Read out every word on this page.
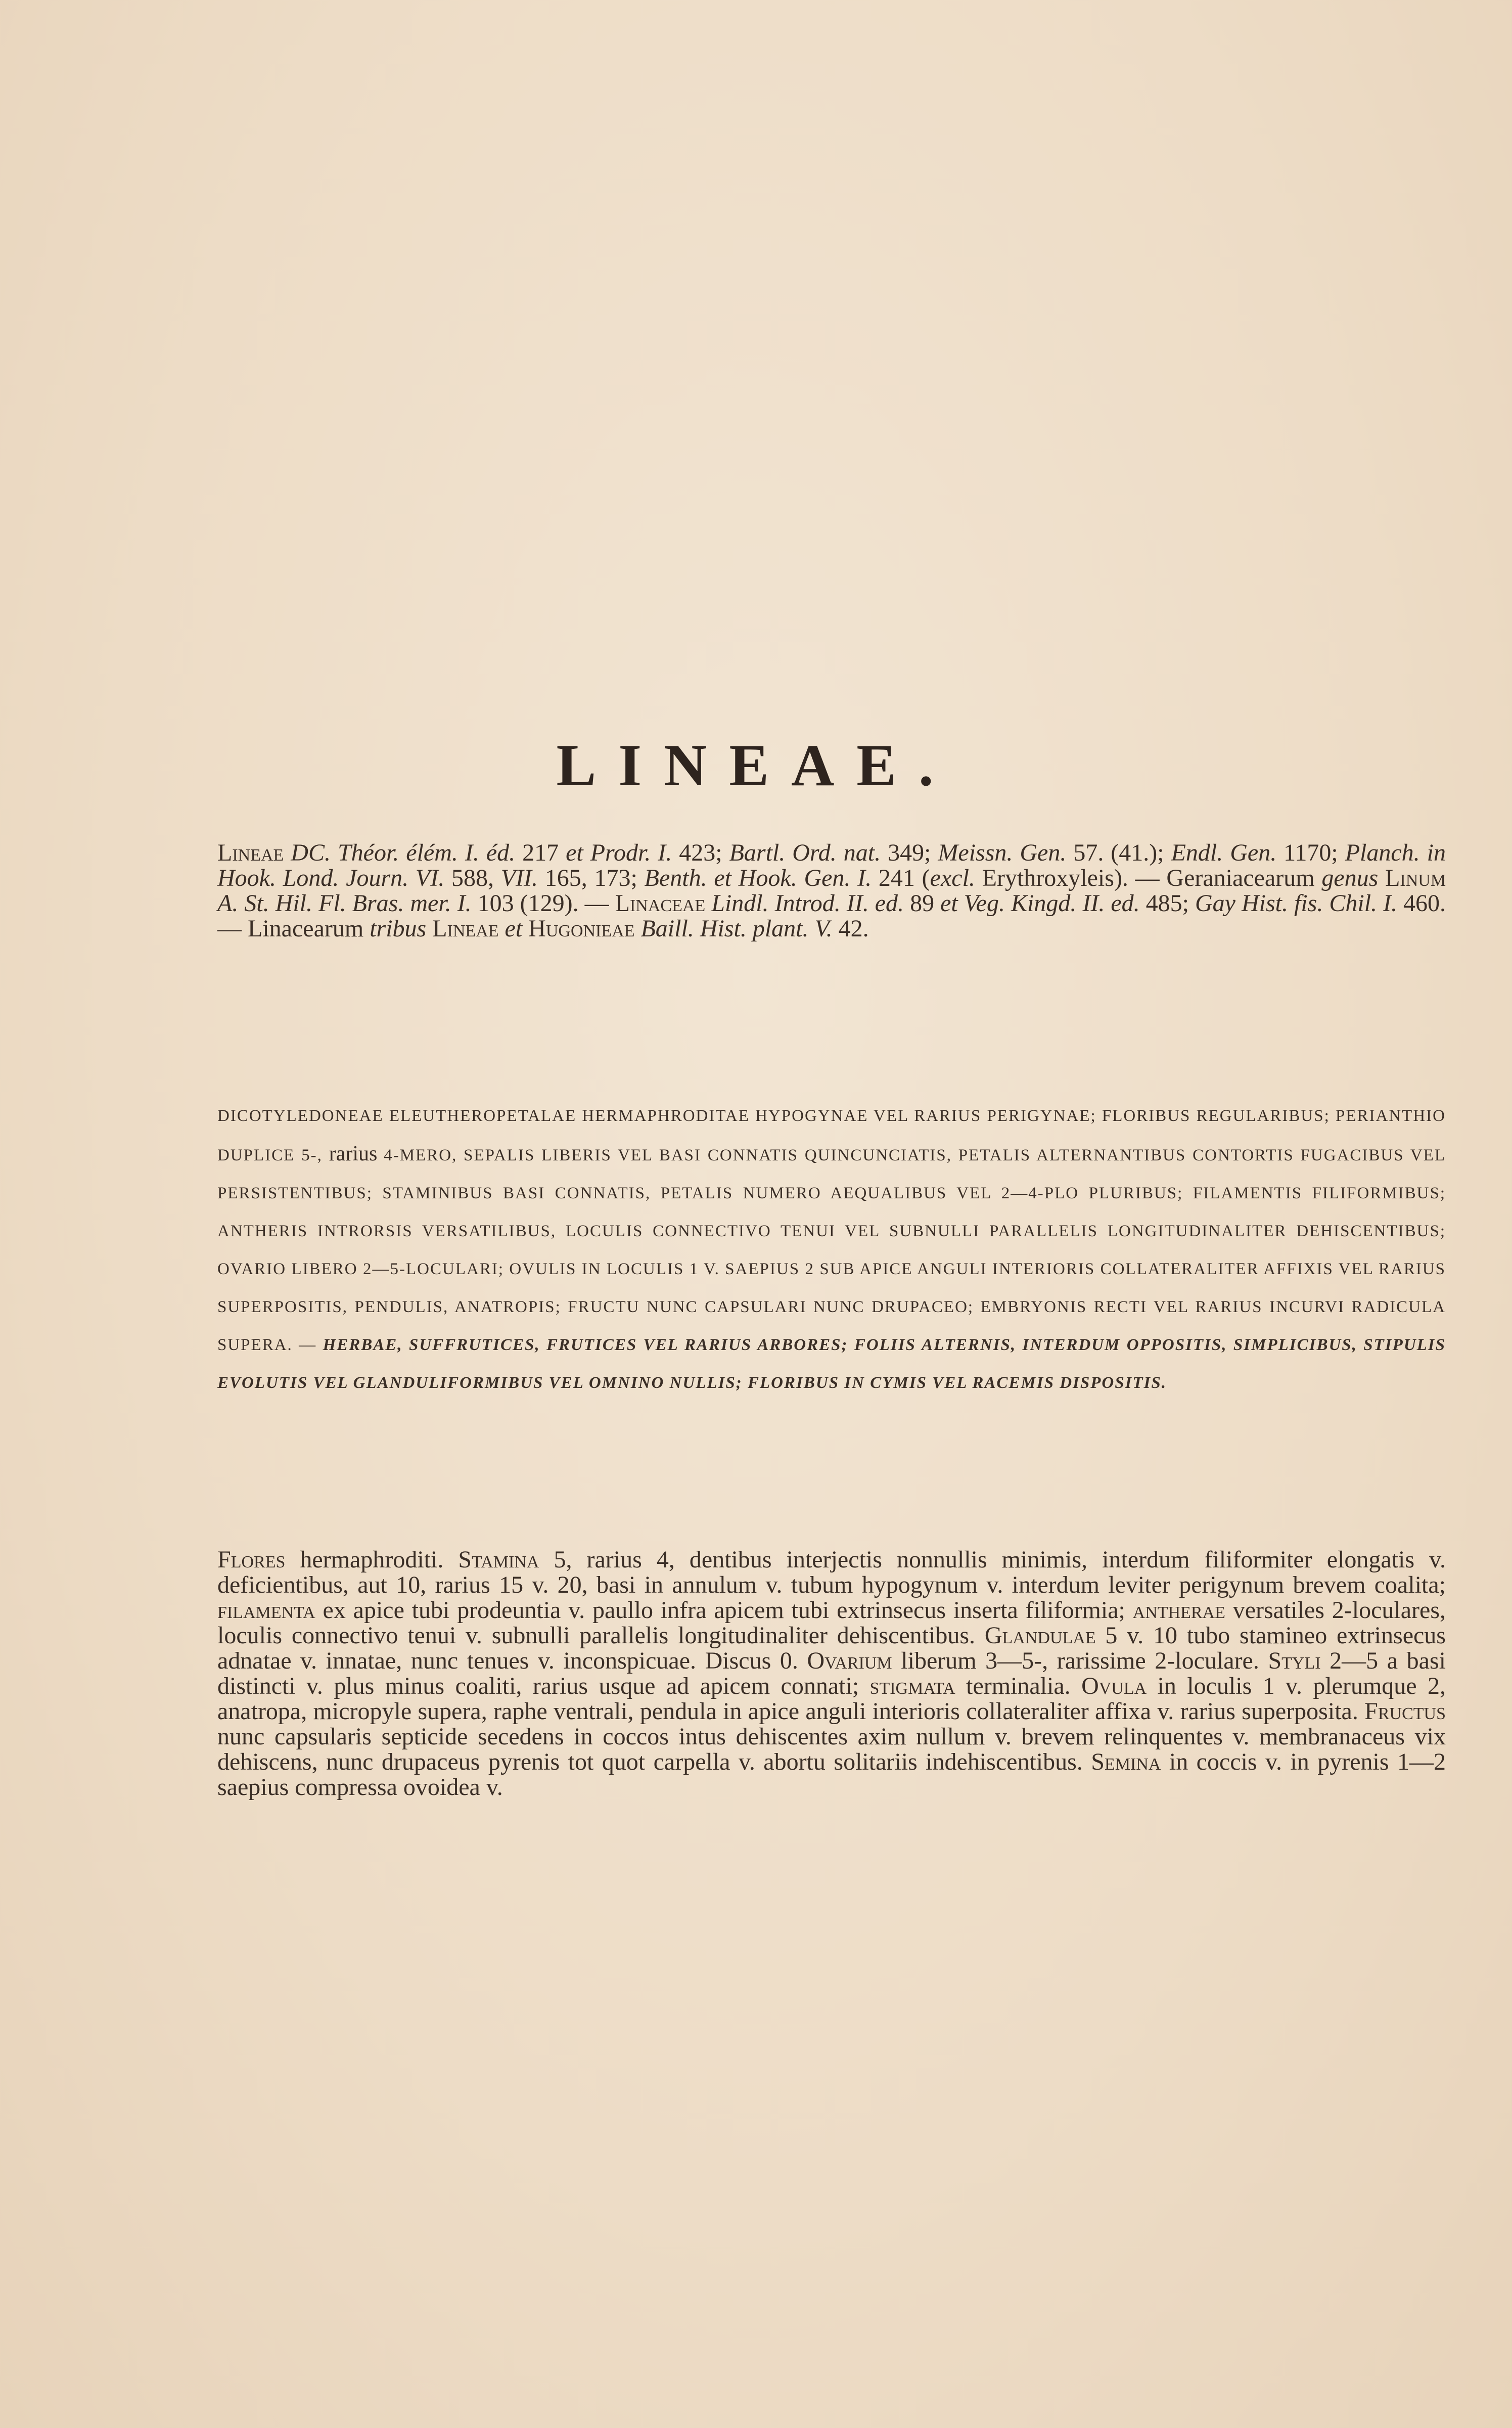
LINEAE.
Lineae DC. Théor. élém. I. éd. 217 et Prodr. I. 423; Bartl. Ord. nat. 349; Meissn. Gen. 57. (41.); Endl. Gen. 1170; Planch. in Hook. Lond. Journ. VI. 588, VII. 165, 173; Benth. et Hook. Gen. I. 241 (excl. Erythroxyleis). — Geraniacearum genus Linum A. St. Hil. Fl. Bras. mer. I. 103 (129). — Linaceae Lindl. Introd. II. ed. 89 et Veg. Kingd. II. ed. 485; Gay Hist. fis. Chil. I. 460. — Linacearum tribus Lineae et Hugonieae Baill. Hist. plant. V. 42.
DICOTYLEDONEAE ELEUTHEROPETALAE HERMAPHRODITAE HYPOGYNAE VEL RARIUS PERIGYNAE; FLORIBUS REGULARIBUS; PERIANTHIO DUPLICE 5-, rarius 4-MERO, SEPALIS LIBERIS VEL BASI CONNATIS QUINCUNCIATIS, PETALIS ALTERNANTIBUS CONTORTIS FUGACIBUS VEL PERSISTENTIBUS; STAMINIBUS BASI CONNATIS, PETALIS NUMERO AEQUALIBUS VEL 2—4-PLO PLURIBUS; FILAMENTIS FILIFORMIBUS; ANTHERIS INTRORSIS VERSATILIBUS, LOCULIS CONNECTIVO TENUI VEL SUBNULLI PARALLELIS LONGITUDINALITER DEHISCENTIBUS; OVARIO LIBERO 2—5-LOCULARI; OVULIS IN LOCULIS 1 V. SAEPIUS 2 SUB APICE ANGULI INTERIORIS COLLATERALITER AFFIXIS VEL RARIUS SUPERPOSITIS, PENDULIS, ANATROPIS; FRUCTU NUNC CAPSULARI NUNC DRUPACEO; EMBRYONIS RECTI VEL RARIUS INCURVI RADICULA SUPERA. — HERBAE, SUFFRUTICES, FRUTICES VEL RARIUS ARBORES; FOLIIS ALTERNIS, INTERDUM OPPOSITIS, SIMPLICIBUS, STIPULIS EVOLUTIS VEL GLANDULIFORMIBUS VEL OMNINO NULLIS; FLORIBUS IN CYMIS VEL RACEMIS DISPOSITIS.
Flores hermaphroditi. Stamina 5, rarius 4, dentibus interjectis nonnullis minimis, interdum filiformiter elongatis v. deficientibus, aut 10, rarius 15 v. 20, basi in annulum v. tubum hypogynum v. interdum leviter perigynum brevem coalita; filamenta ex apice tubi prodeuntia v. paullo infra apicem tubi extrinsecus inserta filiformia; antherae versatiles 2-loculares, loculis connectivo tenui v. subnulli parallelis longitudinaliter dehiscentibus. Glandulae 5 v. 10 tubo stamineo extrinsecus adnatae v. innatae, nunc tenues v. inconspicuae. Discus 0. Ovarium liberum 3—5-, rarissime 2-loculare. Styli 2—5 a basi distincti v. plus minus coaliti, rarius usque ad apicem connati; stigmata terminalia. Ovula in loculis 1 v. plerumque 2, anatropa, micropyle supera, raphe ventrali, pendula in apice anguli interioris collateraliter affixa v. rarius superposita. Fructus nunc capsularis septicide secedens in coccos intus dehiscentes axim nullum v. brevem relinquentes v. membranaceus vix dehiscens, nunc drupaceus pyrenis tot quot carpella v. abortu solitariis indehiscentibus. Semina in coccis v. in pyrenis 1—2 saepius compressa ovoidea v.
